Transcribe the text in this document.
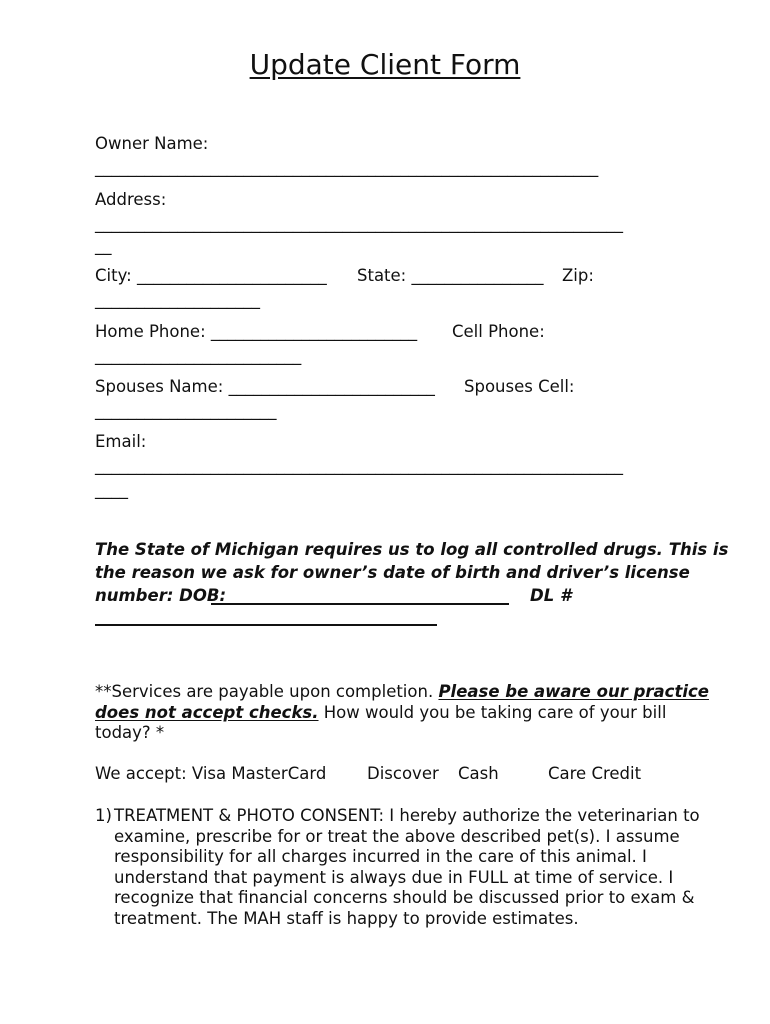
Update Client Form
Owner Name:
_____________________________________________________________
Address:
________________________________________________________________
__
City: _______________________ State: ________________ Zip:
____________________
Home Phone: _________________________ Cell Phone:
_________________________
Spouses Name: _________________________ Spouses Cell:
______________________
Email:
________________________________________________________________
____
The State of Michigan requires us to log all controlled drugs. This is
the reason we ask for owner’s date of birth and driver’s license
number: DOB:	DL #
**Services are payable upon completion. Please be aware our practice
does not accept checks. How would you be taking care of your bill
today? *
We accept: Visa MasterCard Discover Cash	Care Credit
1) TREATMENT & PHOTO CONSENT: I hereby authorize the veterinarian to
examine, prescribe for or treat the above described pet(s). I assume
responsibility for all charges incurred in the care of this animal. I
understand that payment is always due in FULL at time of service. I
recognize that financial concerns should be discussed prior to exam &
treatment. The MAH staff is happy to provide estimates.
